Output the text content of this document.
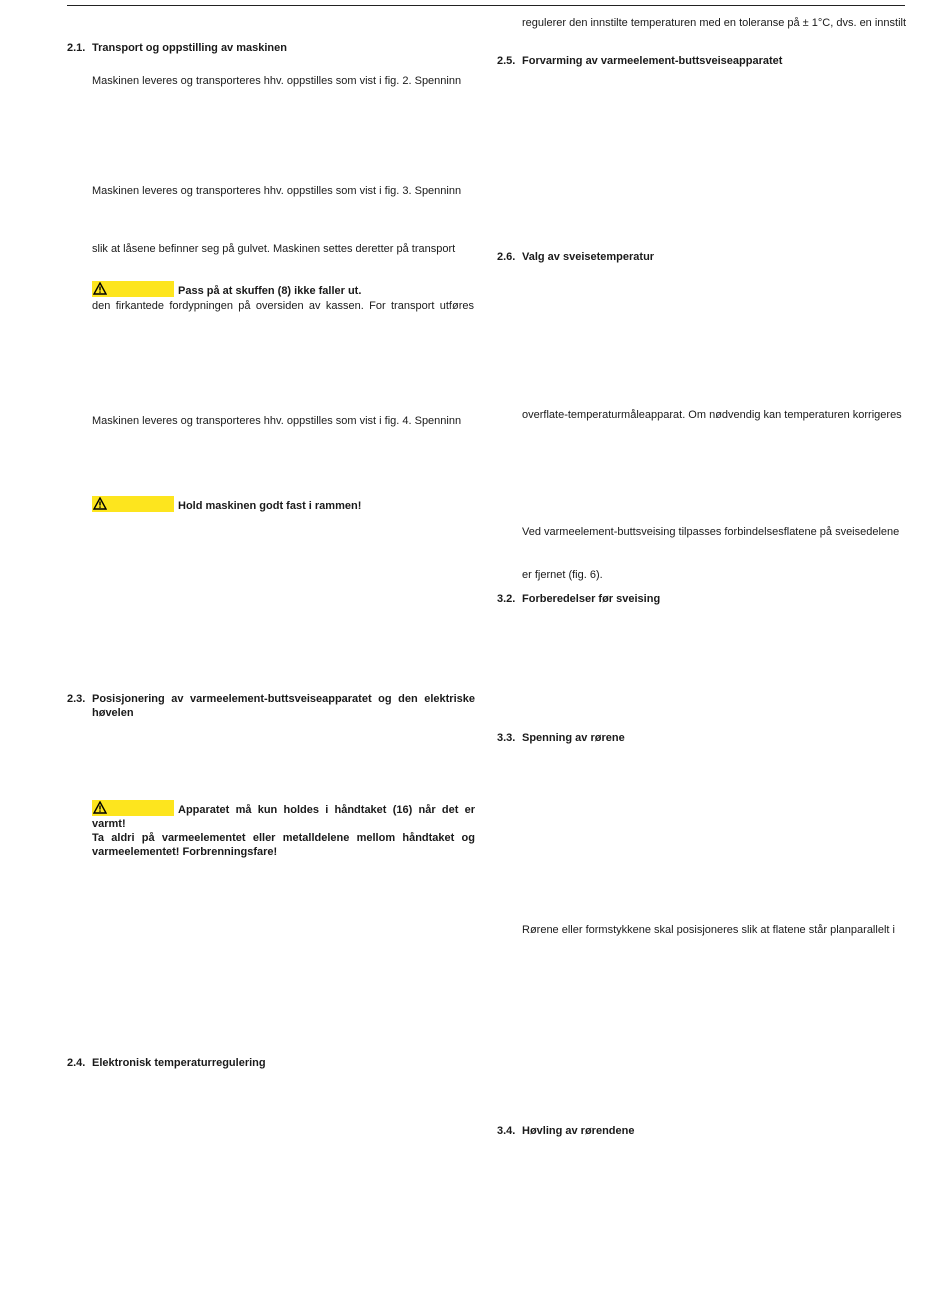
2.1. Transport og oppstilling av maskinen
Maskinen leveres og transporteres hhv. oppstilles som vist i fig. 2. Spenninn
Maskinen leveres og transporteres hhv. oppstilles som vist i fig. 3. Spenninn
slik at låsene befinner seg på gulvet. Maskinen settes deretter på transport
Pass på at skuffen (8) ikke faller ut.
den firkantede fordypningen på oversiden av kassen. For transport utføres
Maskinen leveres og transporteres hhv. oppstilles som vist i fig. 4. Spenninn
Hold maskinen godt fast i rammen!
2.3. Posisjonering av varmeelement-buttsveiseapparatet og den elektriske
høvelen
Apparatet må kun holdes i håndtaket (16) når det er varmt!
Ta aldri på varmeelementet eller metalldelene mellom håndtaket og varmeelementet! Forbrenningsfare!
2.4. Elektronisk temperaturregulering
regulerer den innstilte temperaturen med en toleranse på ± 1°C, dvs. en innstilt
2.5. Forvarming av varmeelement-buttsveiseapparatet
2.6. Valg av sveisetemperatur
overflate-temperaturmåleapparat. Om nødvendig kan temperaturen korrigeres
Ved varmeelement-buttsveising tilpasses forbindelsesflatene på sveisedelene
er fjernet (fig. 6).
3.2. Forberedelser før sveising
3.3. Spenning av rørene
Rørene eller formstykkene skal posisjoneres slik at flatene står planparallelt i
3.4. Høvling av rørendene
